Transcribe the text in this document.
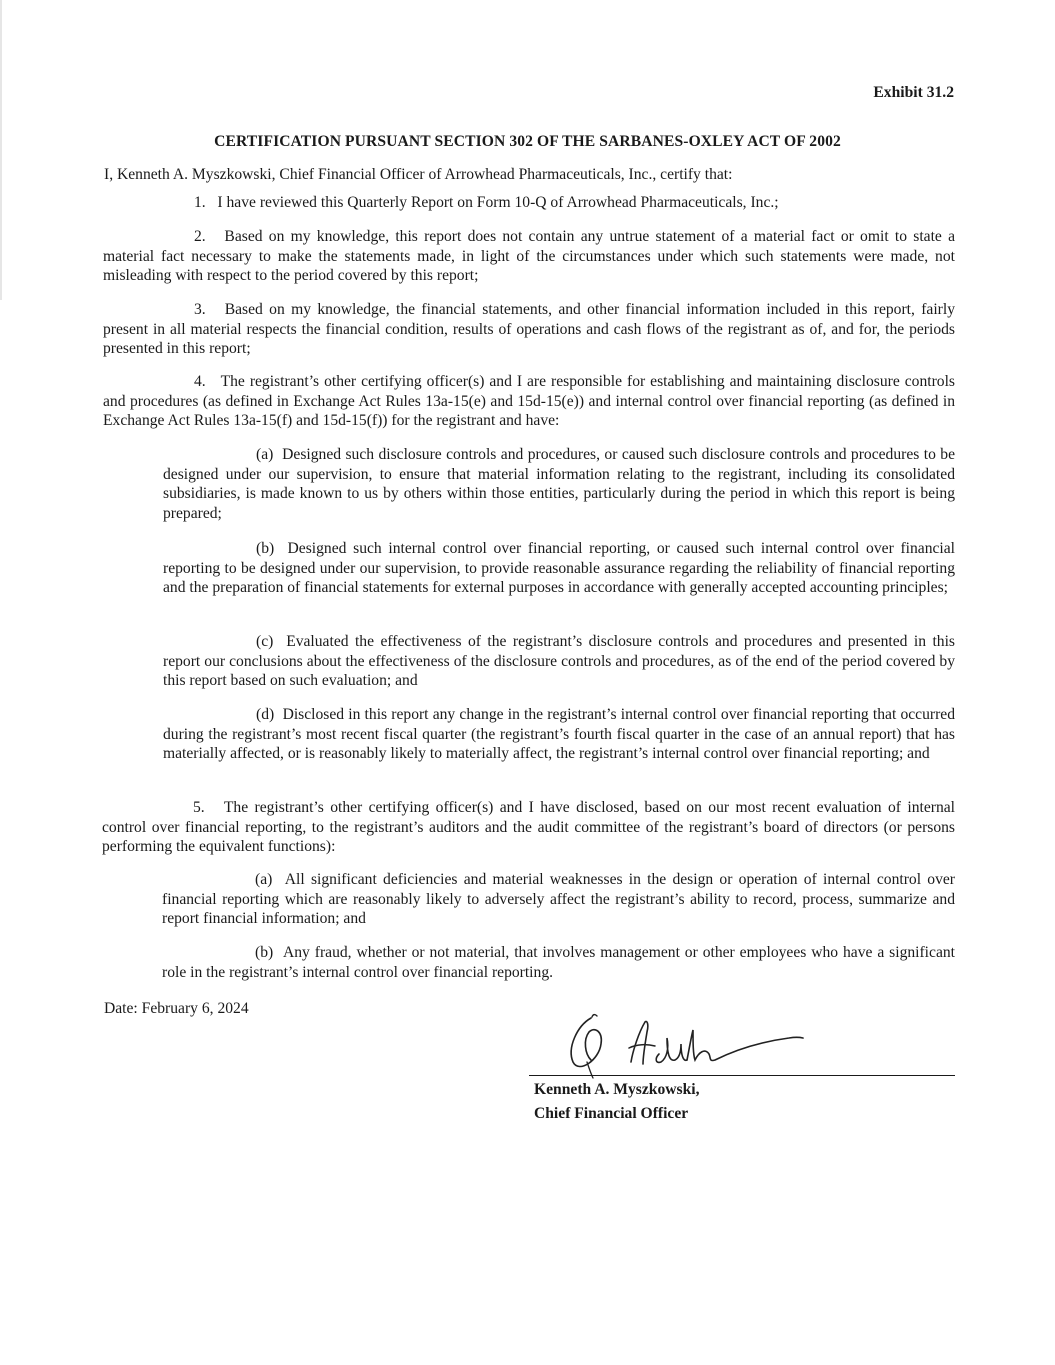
Exhibit 31.2
CERTIFICATION PURSUANT SECTION 302 OF THE SARBANES-OXLEY ACT OF 2002
I, Kenneth A. Myszkowski, Chief Financial Officer of Arrowhead Pharmaceuticals, Inc., certify that:
1. I have reviewed this Quarterly Report on Form 10-Q of Arrowhead Pharmaceuticals, Inc.;
2. Based on my knowledge, this report does not contain any untrue statement of a material fact or omit to state a material fact necessary to make the statements made, in light of the circumstances under which such statements were made, not misleading with respect to the period covered by this report;
3. Based on my knowledge, the financial statements, and other financial information included in this report, fairly present in all material respects the financial condition, results of operations and cash flows of the registrant as of, and for, the periods presented in this report;
4. The registrant’s other certifying officer(s) and I are responsible for establishing and maintaining disclosure controls and procedures (as defined in Exchange Act Rules 13a-15(e) and 15d-15(e)) and internal control over financial reporting (as defined in Exchange Act Rules 13a-15(f) and 15d-15(f)) for the registrant and have:
(a) Designed such disclosure controls and procedures, or caused such disclosure controls and procedures to be designed under our supervision, to ensure that material information relating to the registrant, including its consolidated subsidiaries, is made known to us by others within those entities, particularly during the period in which this report is being prepared;
(b) Designed such internal control over financial reporting, or caused such internal control over financial reporting to be designed under our supervision, to provide reasonable assurance regarding the reliability of financial reporting and the preparation of financial statements for external purposes in accordance with generally accepted accounting principles;
(c) Evaluated the effectiveness of the registrant’s disclosure controls and procedures and presented in this report our conclusions about the effectiveness of the disclosure controls and procedures, as of the end of the period covered by this report based on such evaluation; and
(d) Disclosed in this report any change in the registrant’s internal control over financial reporting that occurred during the registrant’s most recent fiscal quarter (the registrant’s fourth fiscal quarter in the case of an annual report) that has materially affected, or is reasonably likely to materially affect, the registrant’s internal control over financial reporting; and
5. The registrant’s other certifying officer(s) and I have disclosed, based on our most recent evaluation of internal control over financial reporting, to the registrant’s auditors and the audit committee of the registrant’s board of directors (or persons performing the equivalent functions):
(a) All significant deficiencies and material weaknesses in the design or operation of internal control over financial reporting which are reasonably likely to adversely affect the registrant’s ability to record, process, summarize and report financial information; and
(b) Any fraud, whether or not material, that involves management or other employees who have a significant role in the registrant’s internal control over financial reporting.
Date: February 6, 2024
Kenneth A. Myszkowski,
Chief Financial Officer
